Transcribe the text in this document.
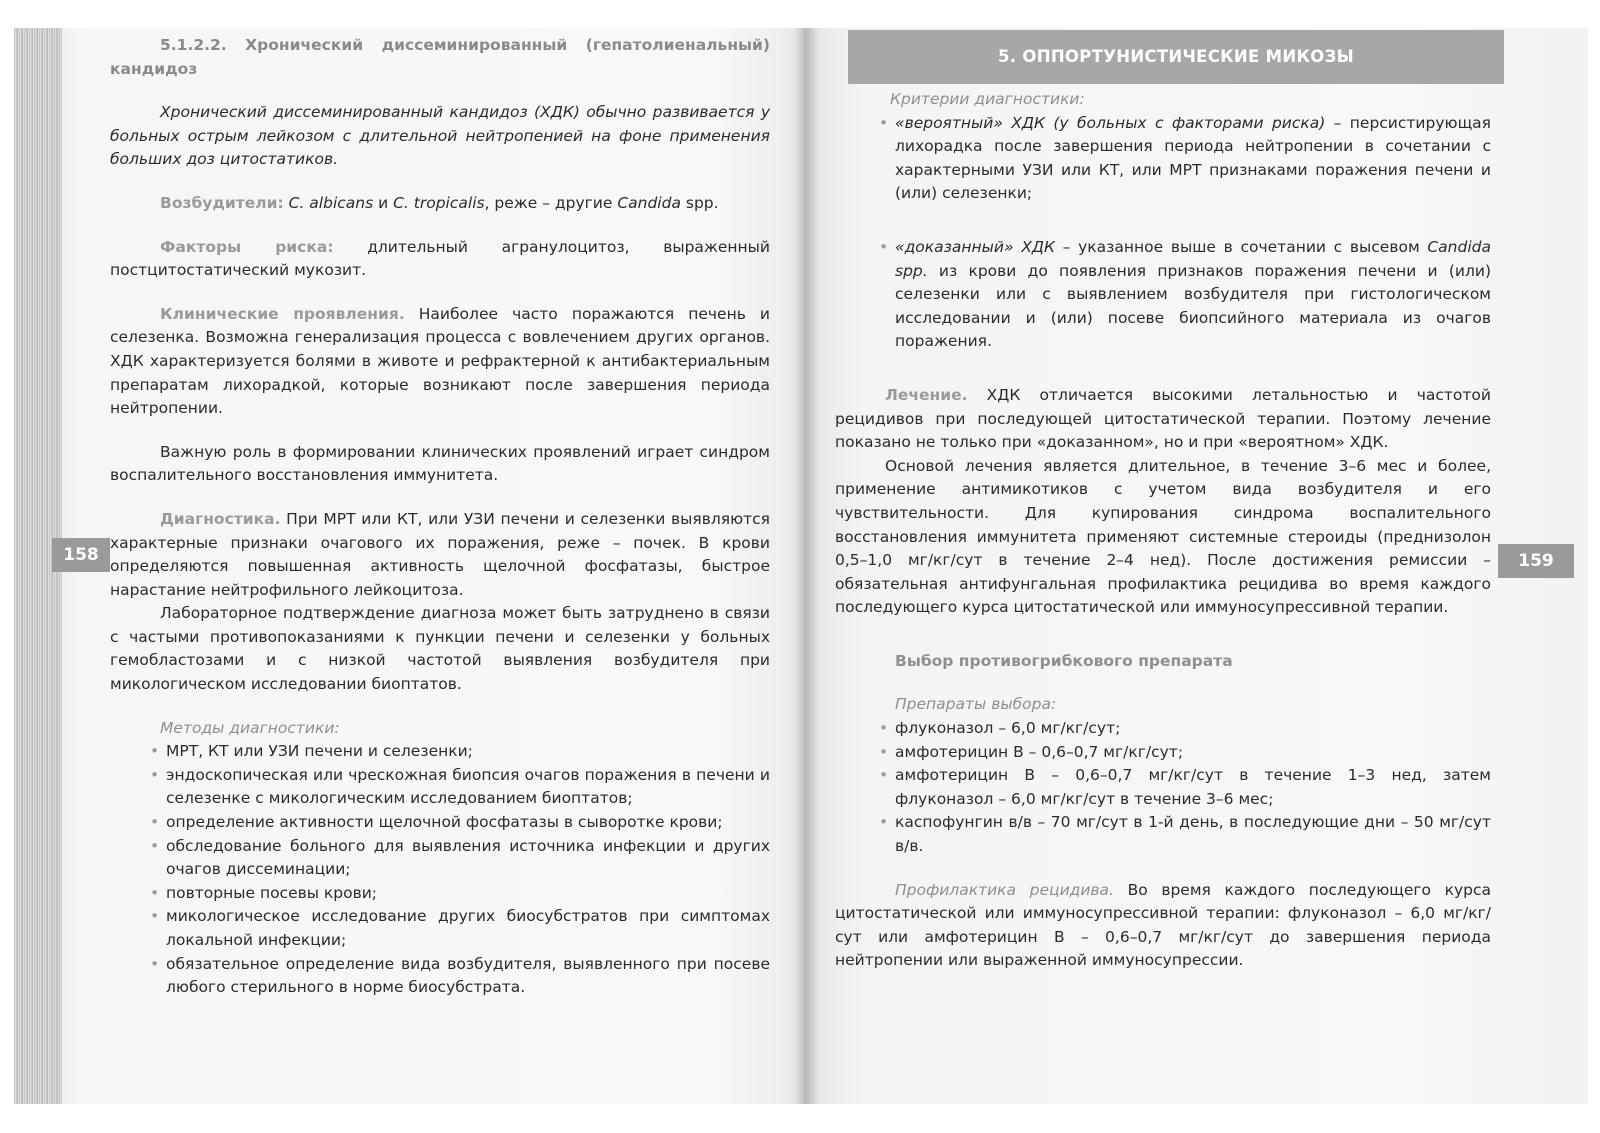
158	159
5. ОППОРТУНИСТИЧЕСКИЕ МИКОЗЫ

5.1.2.2. Хронический диссеминированный (гепатолиенальный) кандидоз

Хронический диссеминированный кандидоз (ХДК) обычно развивается у больных острым лейкозом с длительной нейтропенией на фоне применения больших доз цитостатиков.

Возбудители: C. albicans и C. tropicalis, реже – другие Candida spp.

Факторы риска: длительный агранулоцитоз, выраженный постцитостатический мукозит.

Клинические проявления. Наиболее часто поражаются печень и селезенка. Возможна генерализация процесса с вовлечением других органов. ХДК характеризуется болями в животе и рефрактерной к антибактериальным препаратам лихорадкой, которые возникают после завершения периода нейтропении.

Важную роль в формировании клинических проявлений играет синдром воспалительного восстановления иммунитета.

Диагностика. При МРТ или КТ, или УЗИ печени и селезенки выявляются характерные признаки очагового их поражения, реже – почек. В крови определяются повышенная активность щелочной фосфатазы, быстрое нарастание нейтрофильного лейкоцитоза.

Лабораторное подтверждение диагноза может быть затруднено в связи с частыми противопоказаниями к пункции печени и селезенки у больных гемобластозами и с низкой частотой выявления возбудителя при микологическом исследовании биоптатов.

Методы диагностики:

• МРТ, КТ или УЗИ печени и селезенки;
• эндоскопическая или чрескожная биопсия очагов поражения в печени и селезенке с микологическим исследованием биоптатов;
• определение активности щелочной фосфатазы в сыворотке крови;
• обследование больного для выявления источника инфекции и других очагов диссеминации;
• повторные посевы крови;
• микологическое исследование других биосубстратов при симптомах локальной инфекции;
• обязательное определение вида возбудителя, выявленного при посеве любого стерильного в норме биосубстрата.

Критерии диагностики:

• «вероятный» ХДК (у больных с факторами риска) – персистирующая лихорадка после завершения периода нейтропении в сочетании с характерными УЗИ или КТ, или МРТ признаками поражения печени и (или) селезенки;
• «доказанный» ХДК – указанное выше в сочетании с высевом Candida spp. из крови до появления признаков поражения печени и (или) селезенки или с выявлением возбудителя при гистологическом исследовании и (или) посеве биопсийного материала из очагов поражения.

Лечение. ХДК отличается высокими летальностью и частотой рецидивов при последующей цитостатической терапии. Поэтому лечение показано не только при «доказанном», но и при «вероятном» ХДК.

Основой лечения является длительное, в течение 3–6 мес и более, применение антимикотиков с учетом вида возбудителя и его чувствительности. Для купирования синдрома воспалительного восстановления иммунитета применяют системные стероиды (преднизолон 0,5–1,0 мг/кг/сут в течение 2–4 нед). После достижения ремиссии – обязательная антифунгальная профилактика рецидива во время каждого последующего курса цитостатической или иммуносупрессивной терапии.

Выбор противогрибкового препарата

Препараты выбора:

• флуконазол – 6,0 мг/кг/сут;
• амфотерицин В – 0,6–0,7 мг/кг/сут;
• амфотерицин В – 0,6–0,7 мг/кг/сут в течение 1–3 нед, затем флуконазол – 6,0 мг/кг/сут в течение 3–6 мес;
• каспофунгин в/в – 70 мг/сут в 1-й день, в последующие дни – 50 мг/сут в/в.

Профилактика рецидива. Во время каждого последующего курса цитостатической или иммуносупрессивной терапии: флуконазол – 6,0 мг/кг/сут или амфотерицин В – 0,6–0,7 мг/кг/сут до завершения периода нейтропении или выраженной иммуносупрессии.
